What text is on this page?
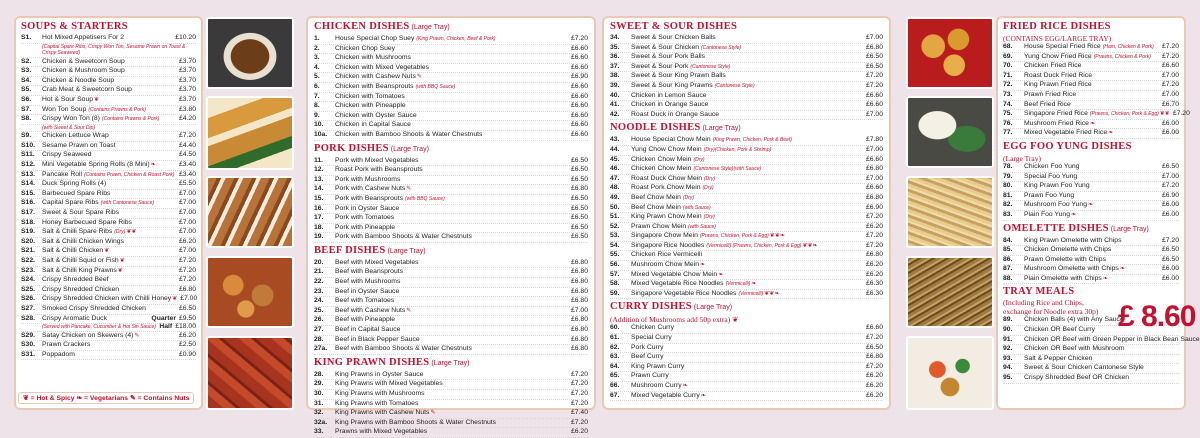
SOUPS & STARTERS
S1.	Hot Mixed Appetisers For 2	£10.20
(Capital Spare Ribs, Crispy Won Ton, Sesame Prawn on Toast & Crispy Seaweed)
S2.	Chicken & Sweetcorn Soup	£3.70
S3.	Chicken & Mushroom Soup	£3.70
S4.	Chicken & Noodle Soup	£3.70
S5.	Crab Meat & Sweetcorn Soup	£3.70
S6.	Hot & Sour Soup❦	£3.70
S7.	Won Ton Soup (Contains Prawns & Pork)	£3.80
S8.	Crispy Won Ton (8) (Contains Prawns & Pork)	£4.20
(with Sweet & Sour Dip)
S9.	Chicken Lettuce Wrap	£7.20
S10.	Sesame Prawn on Toast	£4.40
S11.	Crispy Seaweed	£4.50
S12.	Mini Vegetable Spring Rolls (8 Mini)❧	£3.40
S13.	Pancake Roll (Contains Prawn, Chicken & Roast Pork) £3.40
S14.	Duck Spring Rolls (4)	£5.50
S15.	Barbecued Spare Ribs	£7.00
S16.	Capital Spare Ribs (with Cantonese Sauce)	£7.00
S17.	Sweet & Sour Spare Ribs	£7.00
S18.	Honey Barbecued Spare Ribs	£7.00
S19.	Salt & Chilli Spare Ribs (Dry)❦❦	£7.00
S20.	Salt & Chilli Chicken Wings	£6.20
S21.	Salt & Chilli Chicken❦	£7.00
S22.	Salt & Chilli Squid or Fish❦	£7.20
S23.	Salt & Chilli King Prawns❦	£7.20
S24.	Crispy Shredded Beef	£7.20
S25.	Crispy Shredded Chicken	£6.80
S26.	Crispy Shredded Chicken with Chilli Honey❦ £7.00
S27.	Smoked Crispy Shredded Chicken	£6.50
S28.	Crispy Aromatic Duck	Quarter £9.50
(Served with Pancake, Cucumber & Hoi Sin Sauce) Half £18.00
S29.	Satay Chicken on Skewers (4)✎	£6.20
S30.	Prawn Crackers	£2.50
S31.	Poppadom	£0.90
❦ = Hot & Spicy ❧ = Vegetarians ✎ = Contains Nuts
CHICKEN DISHES (Large Tray)
1.	House Special Chop Suey (King Prawn, Chicken, Beef & Pork)	£7.20
2.	Chicken Chop Suey	£6.60
3.	Chicken with Mushrooms	£6.60
4.	Chicken with Mixed Vegetables	£6.60
5.	Chicken with Cashew Nuts✎	£6.90
6.	Chicken with Beansprouts (with BBQ Sauce)	£6.60
7.	Chicken with Tomatoes	£6.60
8.	Chicken with Pineapple	£6.60
9.	Chicken with Oyster Sauce	£6.60
10.	Chicken in Capital Sauce	£6.60
10a.	Chicken with Bamboo Shoots & Water Chestnuts	£6.60
PORK DISHES (Large Tray)
11.	Pork with Mixed Vegetables	£6.50
12.	Roast Pork with Beansprouts	£6.50
13.	Pork with Mushrooms	£6.50
14.	Pork with Cashew Nuts✎	£6.80
15.	Pork with Beansprouts (with BBQ Sauce)	£6.50
16.	Pork in Oyster Sauce	£6.50
17.	Pork with Tomatoes	£6.50
18.	Pork with Pineapple	£6.50
19.	Pork with Bamboo Shoots & Water Chestnuts	£6.50
BEEF DISHES (Large Tray)
20.	Beef with Mixed Vegetables	£6.80
21.	Beef with Beansprouts	£6.80
22.	Beef with Mushrooms	£6.80
23.	Beef in Oyster Sauce	£6.80
24.	Beef with Tomatoes	£6.80
25.	Beef with Cashew Nuts✎	£7.00
26.	Beef with Pineapple	£6.80
27.	Beef in Capital Sauce	£6.80
28.	Beef in Black Pepper Sauce	£6.80
27a.	Beef with Bamboo Shoots & Water Chestnuts	£6.80
KING PRAWN DISHES (Large Tray)
28.	King Prawns in Oyster Sauce	£7.20
29.	King Prawns with Mixed Vegetables	£7.20
30.	King Prawns with Mushrooms	£7.20
31.	King Prawns with Tomatoes	£7.20
32.	King Prawns with Cashew Nuts✎	£7.40
32a.	King Prawns with Bamboo Shoots & Water Chestnuts	£7.20
33.	Prawns with Mixed Vegetables	£6.20
SWEET & SOUR DISHES
34.	Sweet & Sour Chicken Balls	£7.00
35.	Sweet & Sour Chicken (Cantonese Style)	£6.80
36.	Sweet & Sour Pork Balls	£6.50
37.	Sweet & Sour Pork (Cantonese Style)	£6.50
38.	Sweet & Sour King Prawn Balls	£7.20
39.	Sweet & Sour King Prawns (Cantonese Style)	£7.20
40.	Chicken in Lemon Sauce	£6.60
41.	Chicken in Orange Sauce	£6.60
42.	Roast Duck in Orange Sauce	£7.00
NOODLE DISHES (Large Tray)
43.	House Special Chow Mein (King Prawn, Chicken, Pork & Beef)	£7.80
44.	Yung Chow Chow Mein (Dry)(Chicken, Pork & Shrimp)	£7.00
45.	Chicken Chow Mein (Dry)	£6.60
46.	Chicken Chow Mein (Cantonese Style)(with Sauce)	£6.80
47.	Roast Duck Chow Mein (Dry)	£7.00
48.	Roast Pork Chow Mein (Dry)	£6.60
49.	Beef Chow Mein (Dry)	£6.80
50.	Beef Chow Mein (with Sauce)	£6.90
51.	King Prawn Chow Mein (Dry)	£7.20
52.	Prawn Chow Mein (with Sauce)	£6.20
53.	Singapore Chow Mein (Prawns, Chicken, Pork & Egg)❦❦❧	£7.20
54.	Singapore Rice Noodles (Vermicelli) (Prawns, Chicken, Pork & Egg)❦❦❧	£7.20
55.	Chicken Rice Vermicelli	£6.80
56.	Mushroom Chow Mein❧	£6.20
57.	Mixed Vegetable Chow Mein❧	£6.20
58.	Mixed Vegetable Rice Noodles (Vermicelli)❧	£6.30
59.	Singapore Vegetable Rice Noodles (Vermicelli)❦❦❧	£6.30
CURRY DISHES (Large Tray)
(Addition of Mushrooms add 50p extra) ❦
60.	Chicken Curry	£6.60
61.	Special Curry	£7.20
62.	Pork Curry	£6.50
63.	Beef Curry	£6.80
64.	King Prawn Curry	£7.20
65.	Prawn Curry	£6.20
66.	Mushroom Curry❧	£6.20
67.	Mixed Vegetable Curry❧	£6.20
FRIED RICE DISHES
(CONTAINS EGG/LARGE TRAY)
68.	House Special Fried Rice (Ham, Chicken & Pork)	£7.20
69.	Yung Chow Fried Rice (Prawns, Chicken & Pork)	£7.20
70.	Chicken Fried Rice	£6.60
71.	Roast Duck Fried Rice	£7.00
72.	King Prawn Fried Rice	£7.20
73.	Prawn Fried Rice	£7.00
74.	Beef Fried Rice	£6.70
75.	Singapore Fried Rice (Prawns, Chicken, Pork & Egg)❦❦ £7.20
76.	Mushroom Fried Rice❧	£6.00
77.	Mixed Vegetable Fried Rice❧	£6.00
EGG FOO YUNG DISHES
(Large Tray)
78.	Chicken Foo Yung	£6.50
79.	Special Foo Yung	£7.00
80.	King Prawn Foo Yung	£7.20
81.	Prawn Foo Yung	£6.90
82.	Mushroom Foo Yung❧	£6.00
83.	Plain Foo Yung❧	£6.00
OMELETTE DISHES (Large Tray)
84.	King Prawn Omelette with Chips	£7.20
85.	Chicken Omelette with Chips	£6.50
86.	Prawn Omelette with Chips	£6.50
87.	Mushroom Omelette with Chips❧	£6.00
88.	Plain Omelette with Chips❧	£6.00
TRAY MEALS
(Including Rice and Chips,
exchange for Noodle extra 30p)
89.	Chicken Balls (4) with Any Sauce
90.	Chicken OR Beef Curry
91.	Chicken OR Beef with Green Pepper in Black Bean Sauce
92.	Chicken OR Beef with Mushroom
93.	Salt & Pepper Chicken
94.	Sweet & Sour Chicken Cantonese Style
95.	Crispy Shredded Beef OR Chicken
£ 8.60
